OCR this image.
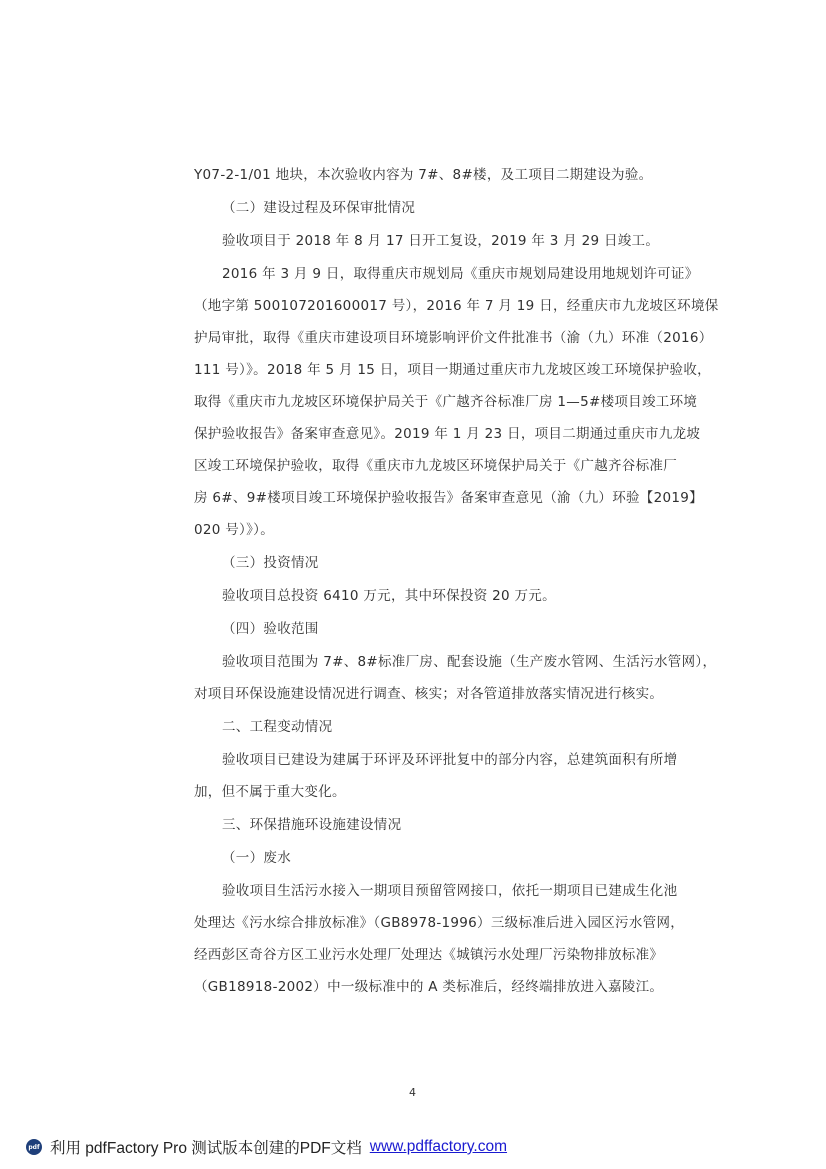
Y07-2-1/01 地块，本次验收内容为 7#、8#楼，及工项目二期建设为验。
（二）建设过程及环保审批情况
验收项目于 2018 年 8 月 17 日开工复设，2019 年 3 月 29 日竣工。
2016 年 3 月 9 日，取得重庆市规划局《重庆市规划局建设用地规划许可证》
（地字第 500107201600017 号），2016 年 7 月 19 日，经重庆市九龙坡区环境保
护局审批，取得《重庆市建设项目环境影响评价文件批准书（渝（九）环准（2016）
111 号）》。2018 年 5 月 15 日，项目一期通过重庆市九龙坡区竣工环境保护验收，
取得《重庆市九龙坡区环境保护局关于《广越齐谷标准厂房 1—5#楼项目竣工环境
保护验收报告》备案审查意见》。2019 年 1 月 23 日，项目二期通过重庆市九龙坡
区竣工环境保护验收，取得《重庆市九龙坡区环境保护局关于《广越齐谷标准厂
房 6#、9#楼项目竣工环境保护验收报告》备案审查意见（渝（九）环验【2019】
020 号）》）。
（三）投资情况
验收项目总投资 6410 万元，其中环保投资 20 万元。
（四）验收范围
验收项目范围为 7#、8#标准厂房、配套设施（生产废水管网、生活污水管网），
对项目环保设施建设情况进行调查、核实；对各管道排放落实情况进行核实。
二、工程变动情况
验收项目已建设为建属于环评及环评批复中的部分内容，总建筑面积有所增
加，但不属于重大变化。
三、环保措施环设施建设情况
（一）废水
验收项目生活污水接入一期项目预留管网接口，依托一期项目已建成生化池
处理达《污水综合排放标准》（GB8978-1996）三级标准后进入园区污水管网，
经西彭区奇谷方区工业污水处理厂处理达《城镇污水处理厂污染物排放标准》
（GB18918-2002）中一级标准中的 A 类标准后，经终端排放进入嘉陵江。
4
pdf 利用 pdfFactory Pro 测试版本创建的PDF文档 www.pdffactory.com
